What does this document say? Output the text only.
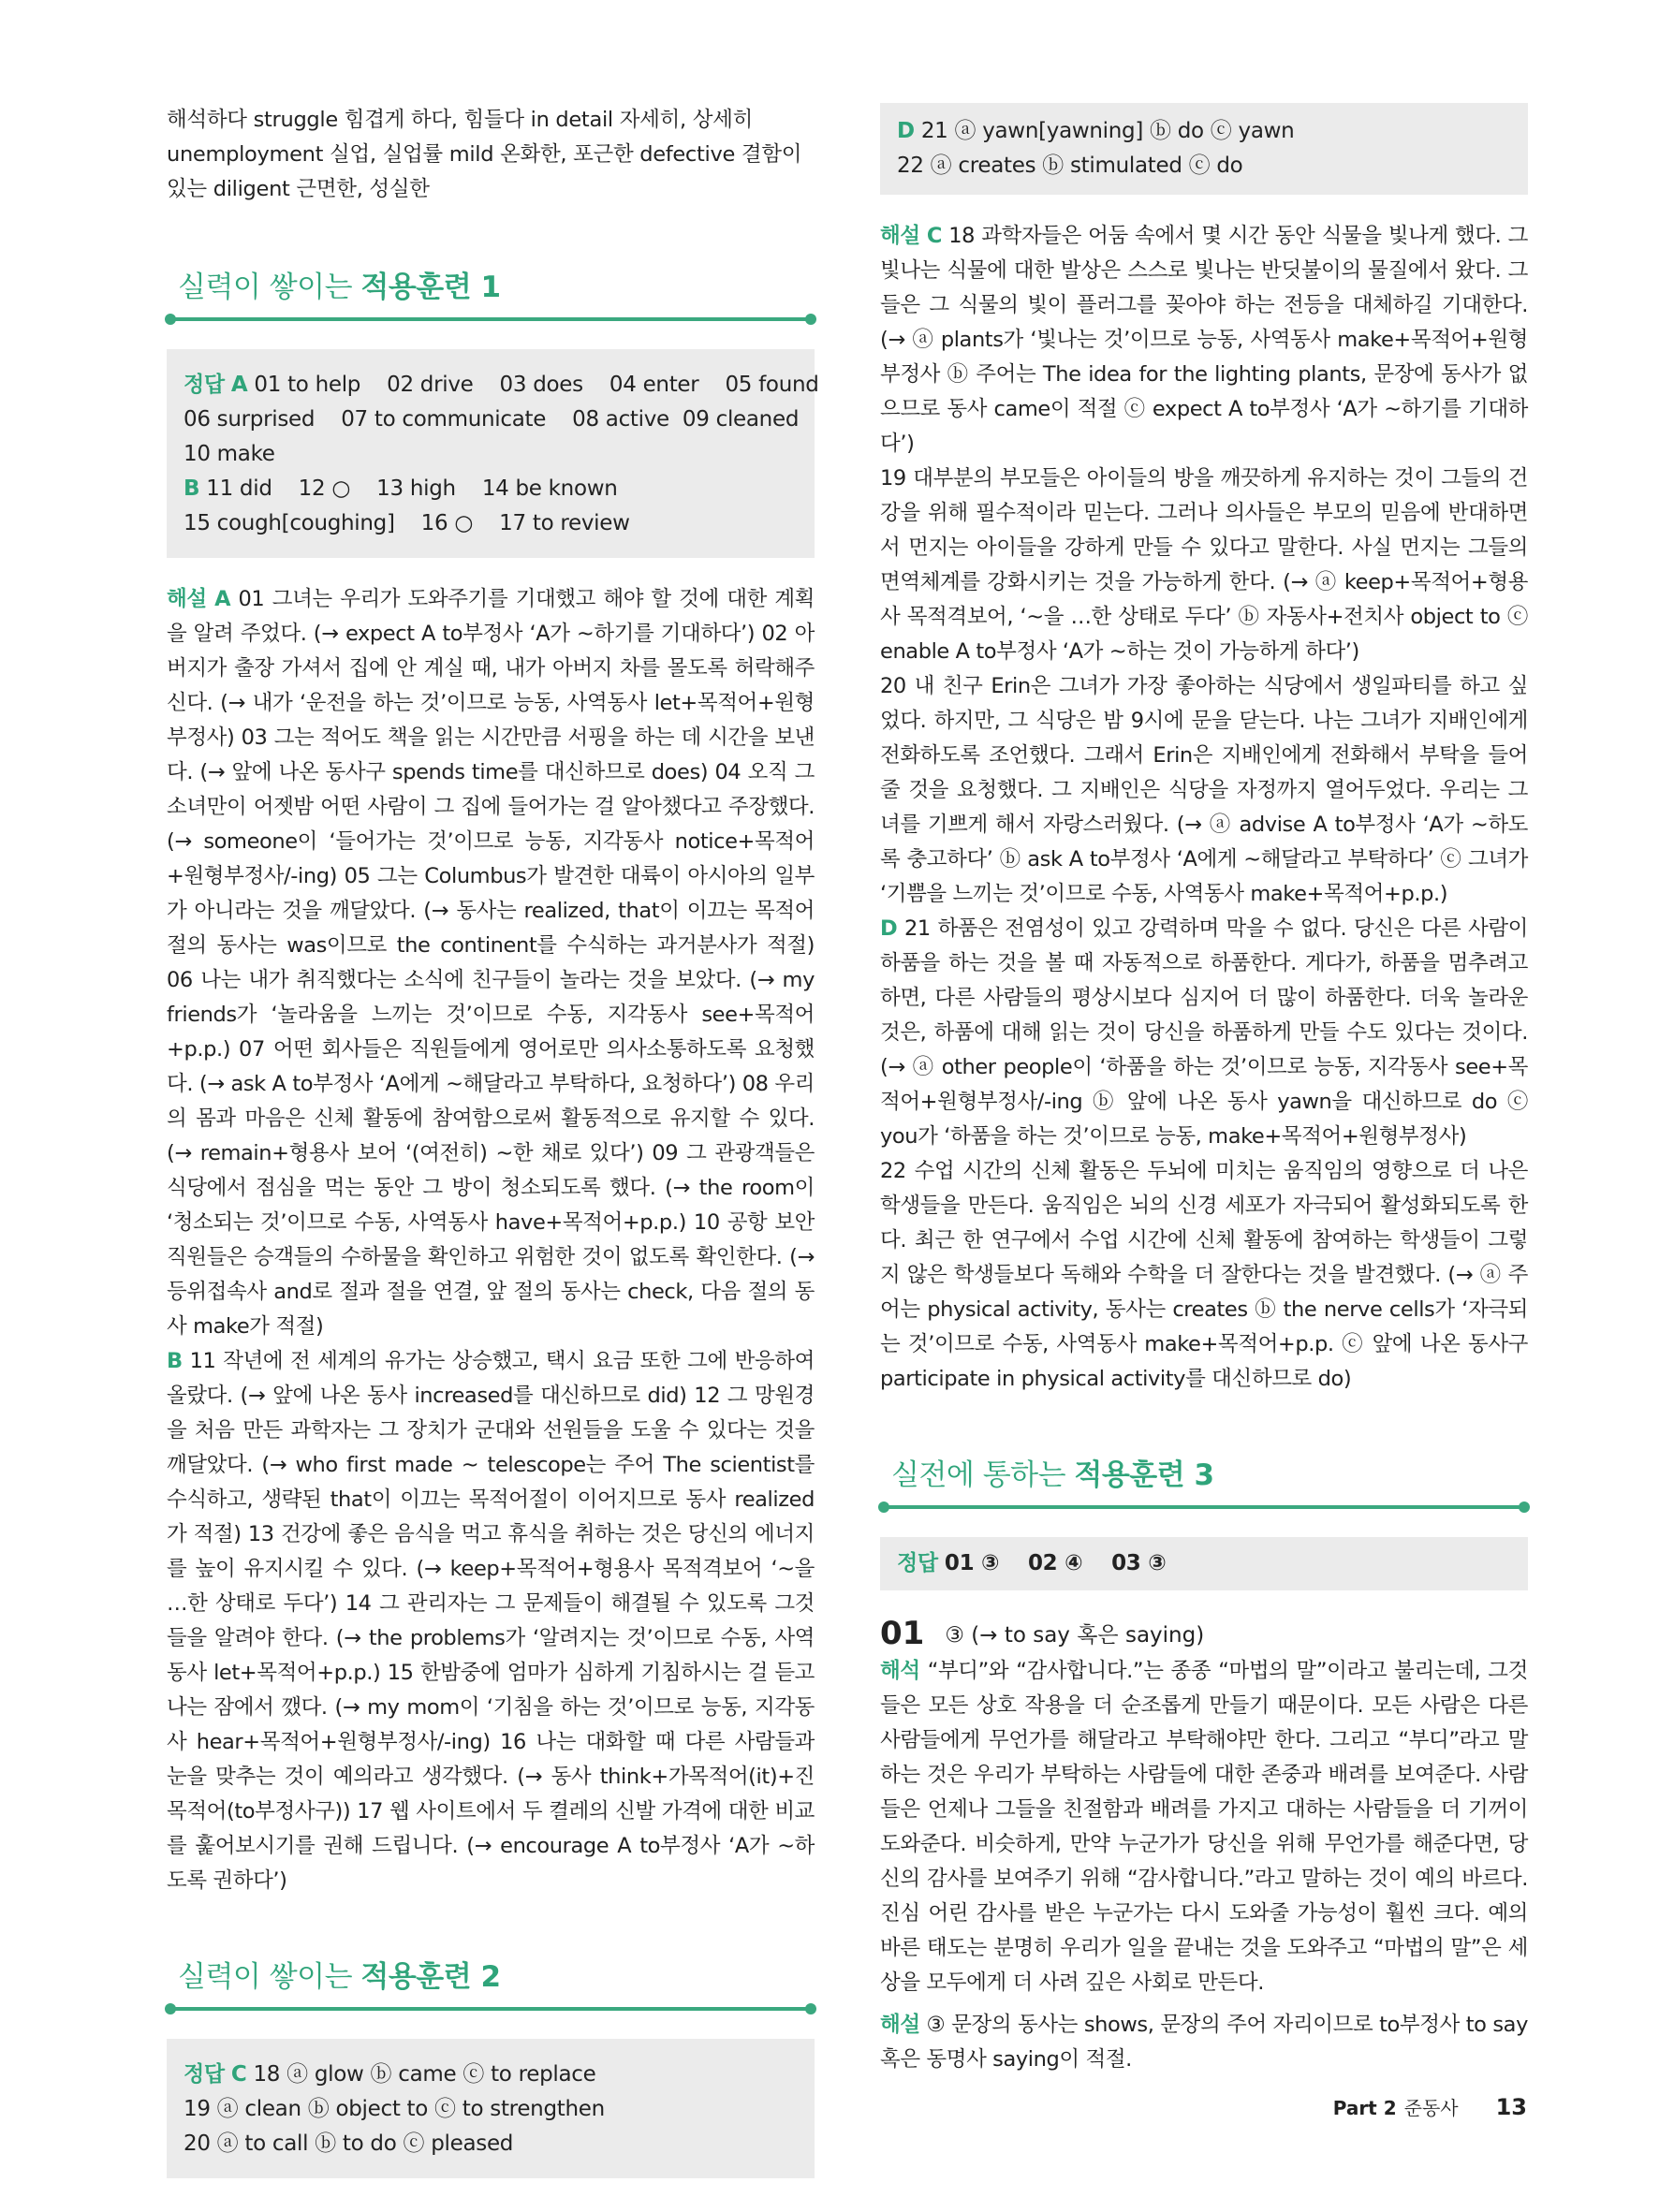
해석하다 struggle 힘겹게 하다, 힘들다 in detail 자세히, 상세히 unemployment 실업, 실업률 mild 온화한, 포근한 defective 결함이 있는 diligent 근면한, 성실한

실력이 쌓이는 적용훈련 1
정답 A 01 to help    02 drive    03 does    04 enter    05 found
06 surprised    07 to communicate    08 active  09 cleaned
10 make
B 11 did    12 ○    13 high    14 be known
15 cough[coughing]    16 ○    17 to review

해설 A 01 그녀는 우리가 도와주기를 기대했고 해야 할 것에 대한 계획을 알려 주었다. (→ expect A to부정사 ‘A가 ~하기를 기대하다’) 02 아버지가 출장 가셔서 집에 안 계실 때, 내가 아버지 차를 몰도록 허락해주신다. (→ 내가 ‘운전을 하는 것’이므로 능동, 사역동사 let+목적어+원형부정사) 03 그는 적어도 책을 읽는 시간만큼 서핑을 하는 데 시간을 보낸다. (→ 앞에 나온 동사구 spends time를 대신하므로 does) 04 오직 그 소녀만이 어젯밤 어떤 사람이 그 집에 들어가는 걸 알아챘다고 주장했다. (→ someone이 ‘들어가는 것’이므로 능동, 지각동사 notice+목적어+원형부정사/-ing) 05 그는 Columbus가 발견한 대륙이 아시아의 일부가 아니라는 것을 깨달았다. (→ 동사는 realized, that이 이끄는 목적어절의 동사는 was이므로 the continent를 수식하는 과거분사가 적절) 06 나는 내가 취직했다는 소식에 친구들이 놀라는 것을 보았다. (→ my friends가 ‘놀라움을 느끼는 것’이므로 수동, 지각동사 see+목적어+p.p.) 07 어떤 회사들은 직원들에게 영어로만 의사소통하도록 요청했다. (→ ask A to부정사 ‘A에게 ~해달라고 부탁하다, 요청하다’) 08 우리의 몸과 마음은 신체 활동에 참여함으로써 활동적으로 유지할 수 있다. (→ remain+형용사 보어 ‘(여전히) ~한 채로 있다’) 09 그 관광객들은 식당에서 점심을 먹는 동안 그 방이 청소되도록 했다. (→ the room이 ‘청소되는 것’이므로 수동, 사역동사 have+목적어+p.p.) 10 공항 보안 직원들은 승객들의 수하물을 확인하고 위험한 것이 없도록 확인한다. (→ 등위접속사 and로 절과 절을 연결, 앞 절의 동사는 check, 다음 절의 동사 make가 적절)

B 11 작년에 전 세계의 유가는 상승했고, 택시 요금 또한 그에 반응하여 올랐다. (→ 앞에 나온 동사 increased를 대신하므로 did) 12 그 망원경을 처음 만든 과학자는 그 장치가 군대와 선원들을 도울 수 있다는 것을 깨달았다. (→ who first made ~ telescope는 주어 The scientist를 수식하고, 생략된 that이 이끄는 목적어절이 이어지므로 동사 realized가 적절) 13 건강에 좋은 음식을 먹고 휴식을 취하는 것은 당신의 에너지를 높이 유지시킬 수 있다. (→ keep+목적어+형용사 목적격보어 ‘~을 …한 상태로 두다’) 14 그 관리자는 그 문제들이 해결될 수 있도록 그것들을 알려야 한다. (→ the problems가 ‘알려지는 것’이므로 수동, 사역동사 let+목적어+p.p.) 15 한밤중에 엄마가 심하게 기침하시는 걸 듣고 나는 잠에서 깼다. (→ my mom이 ‘기침을 하는 것’이므로 능동, 지각동사 hear+목적어+원형부정사/-ing) 16 나는 대화할 때 다른 사람들과 눈을 맞추는 것이 예의라고 생각했다. (→ 동사 think+가목적어(it)+진목적어(to부정사구)) 17 웹 사이트에서 두 켤레의 신발 가격에 대한 비교를 훑어보시기를 권해 드립니다. (→ encourage A to부정사 ‘A가 ~하도록 권하다’)

실력이 쌓이는 적용훈련 2
정답 C 18 ⓐ glow ⓑ came ⓒ to replace
19 ⓐ clean ⓑ object to ⓒ to strengthen
20 ⓐ to call ⓑ to do ⓒ pleased
D 21 ⓐ yawn[yawning] ⓑ do ⓒ yawn
22 ⓐ creates ⓑ stimulated ⓒ do

해설 C 18 과학자들은 어둠 속에서 몇 시간 동안 식물을 빛나게 했다. 그 빛나는 식물에 대한 발상은 스스로 빛나는 반딧불이의 물질에서 왔다. 그들은 그 식물의 빛이 플러그를 꽂아야 하는 전등을 대체하길 기대한다. (→ ⓐ plants가 ‘빛나는 것’이므로 능동, 사역동사 make+목적어+원형부정사 ⓑ 주어는 The idea for the lighting plants, 문장에 동사가 없으므로 동사 came이 적절 ⓒ expect A to부정사 ‘A가 ~하기를 기대하다’)

19 대부분의 부모들은 아이들의 방을 깨끗하게 유지하는 것이 그들의 건강을 위해 필수적이라 믿는다. 그러나 의사들은 부모의 믿음에 반대하면서 먼지는 아이들을 강하게 만들 수 있다고 말한다. 사실 먼지는 그들의 면역체계를 강화시키는 것을 가능하게 한다. (→ ⓐ keep+목적어+형용사 목적격보어, ‘~을 …한 상태로 두다’ ⓑ 자동사+전치사 object to ⓒ enable A to부정사 ‘A가 ~하는 것이 가능하게 하다’)

20 내 친구 Erin은 그녀가 가장 좋아하는 식당에서 생일파티를 하고 싶었다. 하지만, 그 식당은 밤 9시에 문을 닫는다. 나는 그녀가 지배인에게 전화하도록 조언했다. 그래서 Erin은 지배인에게 전화해서 부탁을 들어줄 것을 요청했다. 그 지배인은 식당을 자정까지 열어두었다. 우리는 그녀를 기쁘게 해서 자랑스러웠다. (→ ⓐ advise A to부정사 ‘A가 ~하도록 충고하다’ ⓑ ask A to부정사 ‘A에게 ~해달라고 부탁하다’ ⓒ 그녀가 ‘기쁨을 느끼는 것’이므로 수동, 사역동사 make+목적어+p.p.)

D 21 하품은 전염성이 있고 강력하며 막을 수 없다. 당신은 다른 사람이 하품을 하는 것을 볼 때 자동적으로 하품한다. 게다가, 하품을 멈추려고 하면, 다른 사람들의 평상시보다 심지어 더 많이 하품한다. 더욱 놀라운 것은, 하품에 대해 읽는 것이 당신을 하품하게 만들 수도 있다는 것이다. (→ ⓐ other people이 ‘하품을 하는 것’이므로 능동, 지각동사 see+목적어+원형부정사/-ing ⓑ 앞에 나온 동사 yawn을 대신하므로 do ⓒ you가 ‘하품을 하는 것’이므로 능동, make+목적어+원형부정사)

22 수업 시간의 신체 활동은 두뇌에 미치는 움직임의 영향으로 더 나은 학생들을 만든다. 움직임은 뇌의 신경 세포가 자극되어 활성화되도록 한다. 최근 한 연구에서 수업 시간에 신체 활동에 참여하는 학생들이 그렇지 않은 학생들보다 독해와 수학을 더 잘한다는 것을 발견했다. (→ ⓐ 주어는 physical activity, 동사는 creates ⓑ the nerve cells가 ‘자극되는 것’이므로 수동, 사역동사 make+목적어+p.p. ⓒ 앞에 나온 동사구 participate in physical activity를 대신하므로 do)

실전에 통하는 적용훈련 3
정답 01 ③    02 ④    03 ③
01 ③ (→ to say 혹은 saying)

해석 “부디”와 “감사합니다.”는 종종 “마법의 말”이라고 불리는데, 그것들은 모든 상호 작용을 더 순조롭게 만들기 때문이다. 모든 사람은 다른 사람들에게 무언가를 해달라고 부탁해야만 한다. 그리고 “부디”라고 말하는 것은 우리가 부탁하는 사람들에 대한 존중과 배려를 보여준다. 사람들은 언제나 그들을 친절함과 배려를 가지고 대하는 사람들을 더 기꺼이 도와준다. 비슷하게, 만약 누군가가 당신을 위해 무언가를 해준다면, 당신의 감사를 보여주기 위해 “감사합니다.”라고 말하는 것이 예의 바르다. 진심 어린 감사를 받은 누군가는 다시 도와줄 가능성이 훨씬 크다. 예의 바른 태도는 분명히 우리가 일을 끝내는 것을 도와주고 “마법의 말”은 세상을 모두에게 더 사려 깊은 사회로 만든다.

해설 ③ 문장의 동사는 shows, 문장의 주어 자리이므로 to부정사 to say 혹은 동명사 saying이 적절.

Part 2 준동사 13
